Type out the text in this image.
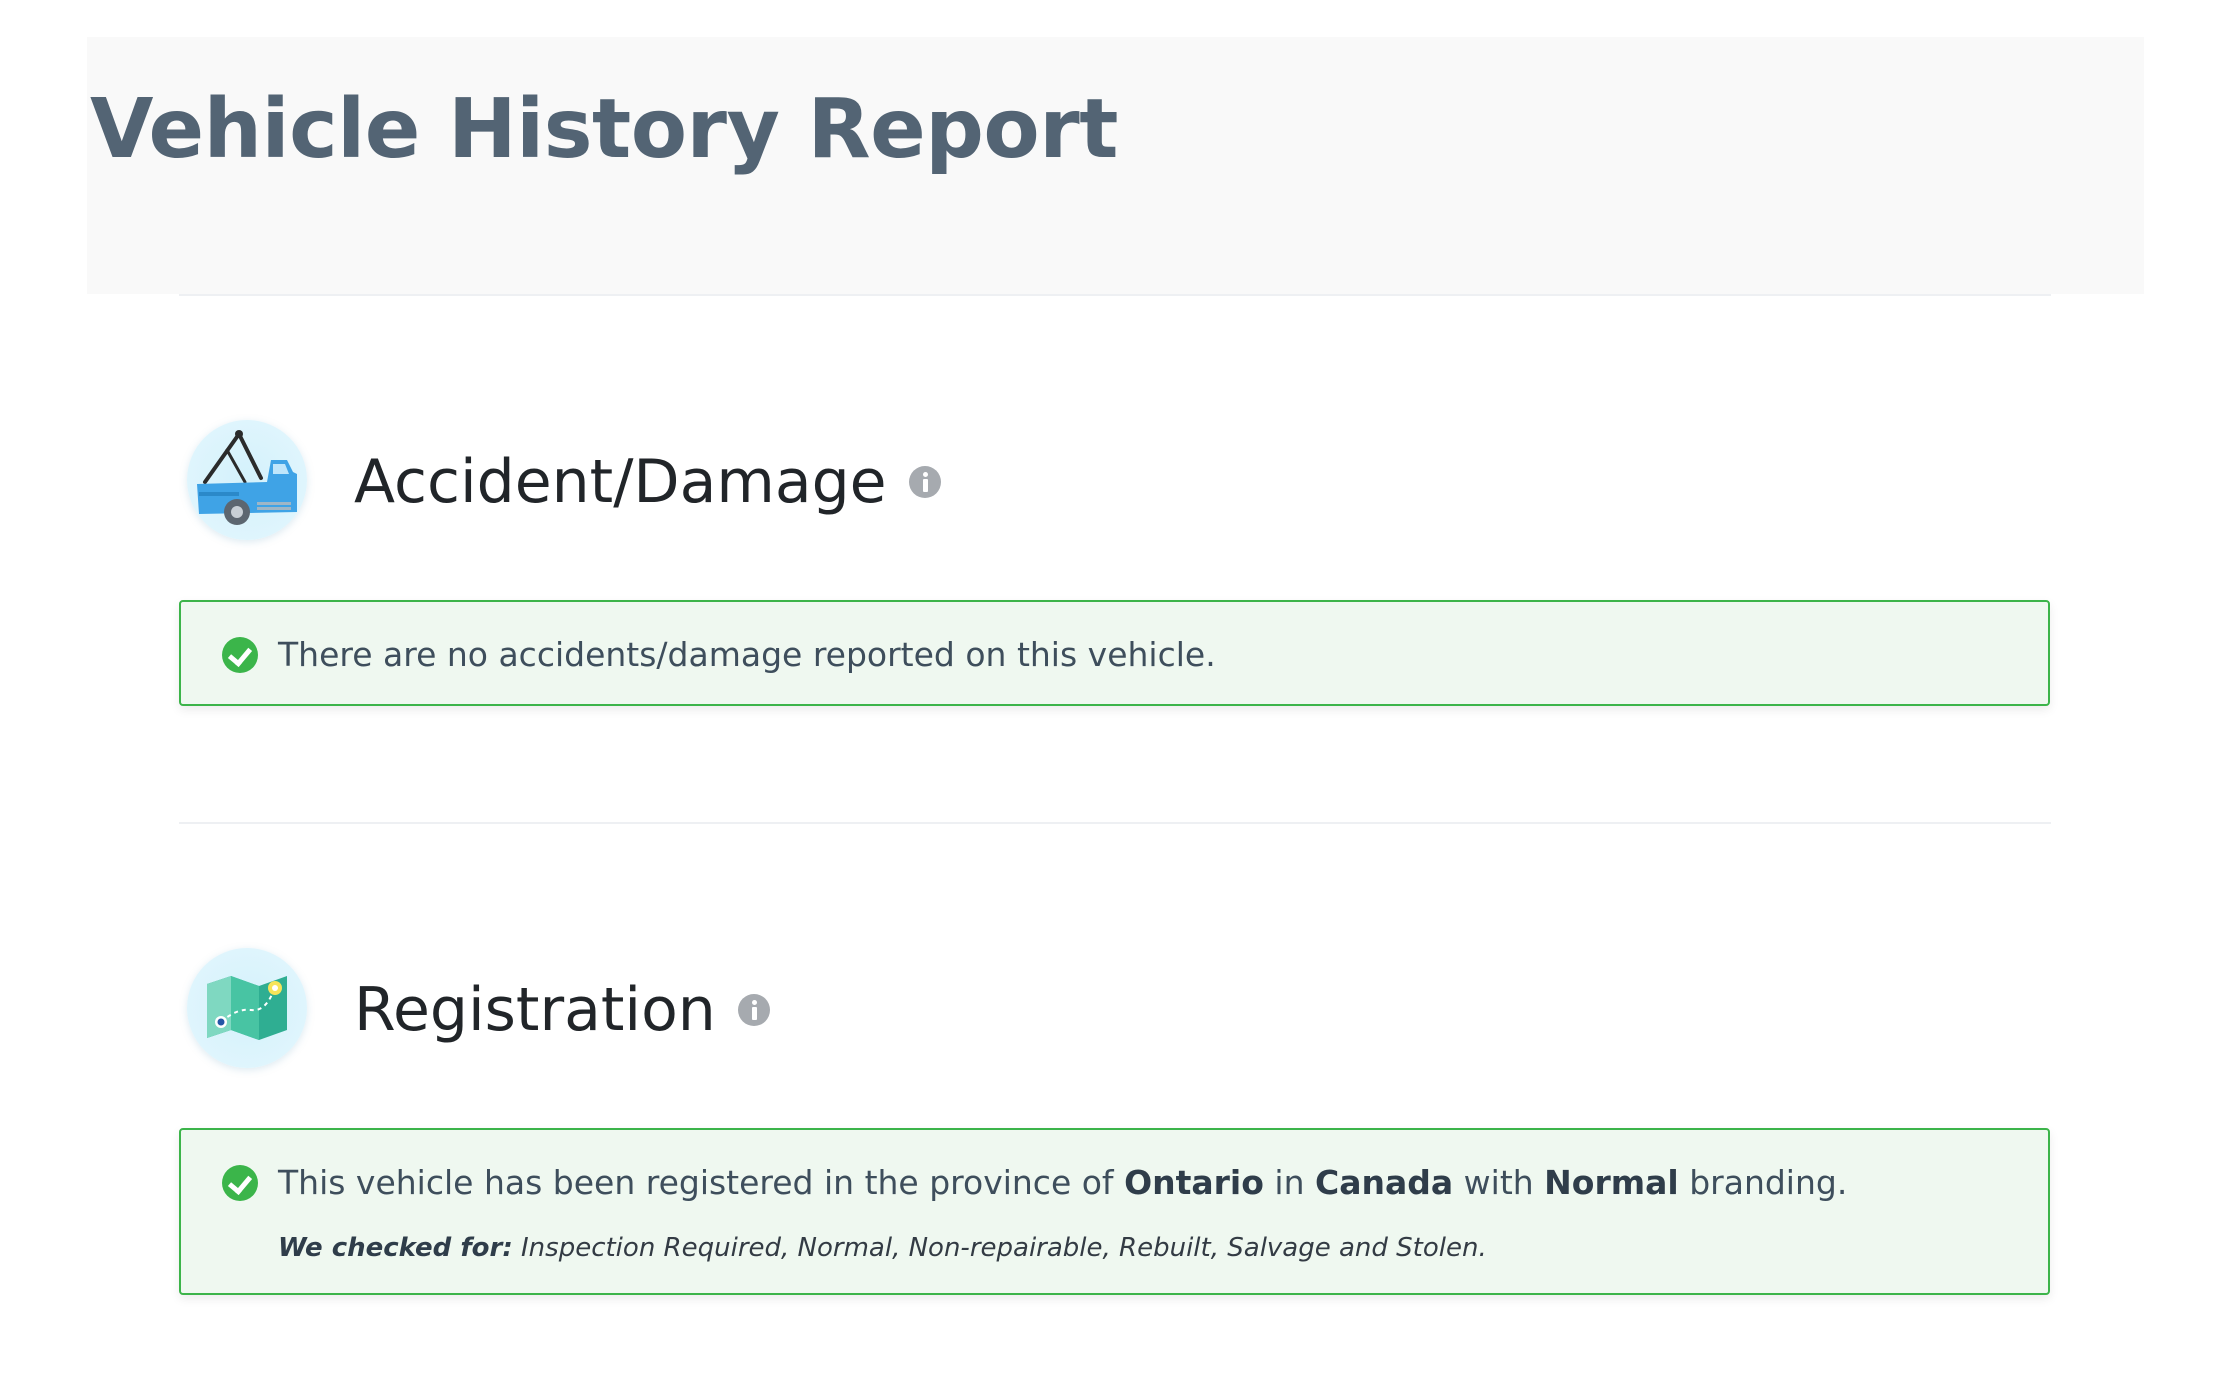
Vehicle History Report
Accident/Damage
There are no accidents/damage reported on this vehicle.
Registration
This vehicle has been registered in the province of Ontario in Canada with Normal branding.
We checked for: Inspection Required, Normal, Non-repairable, Rebuilt, Salvage and Stolen.
